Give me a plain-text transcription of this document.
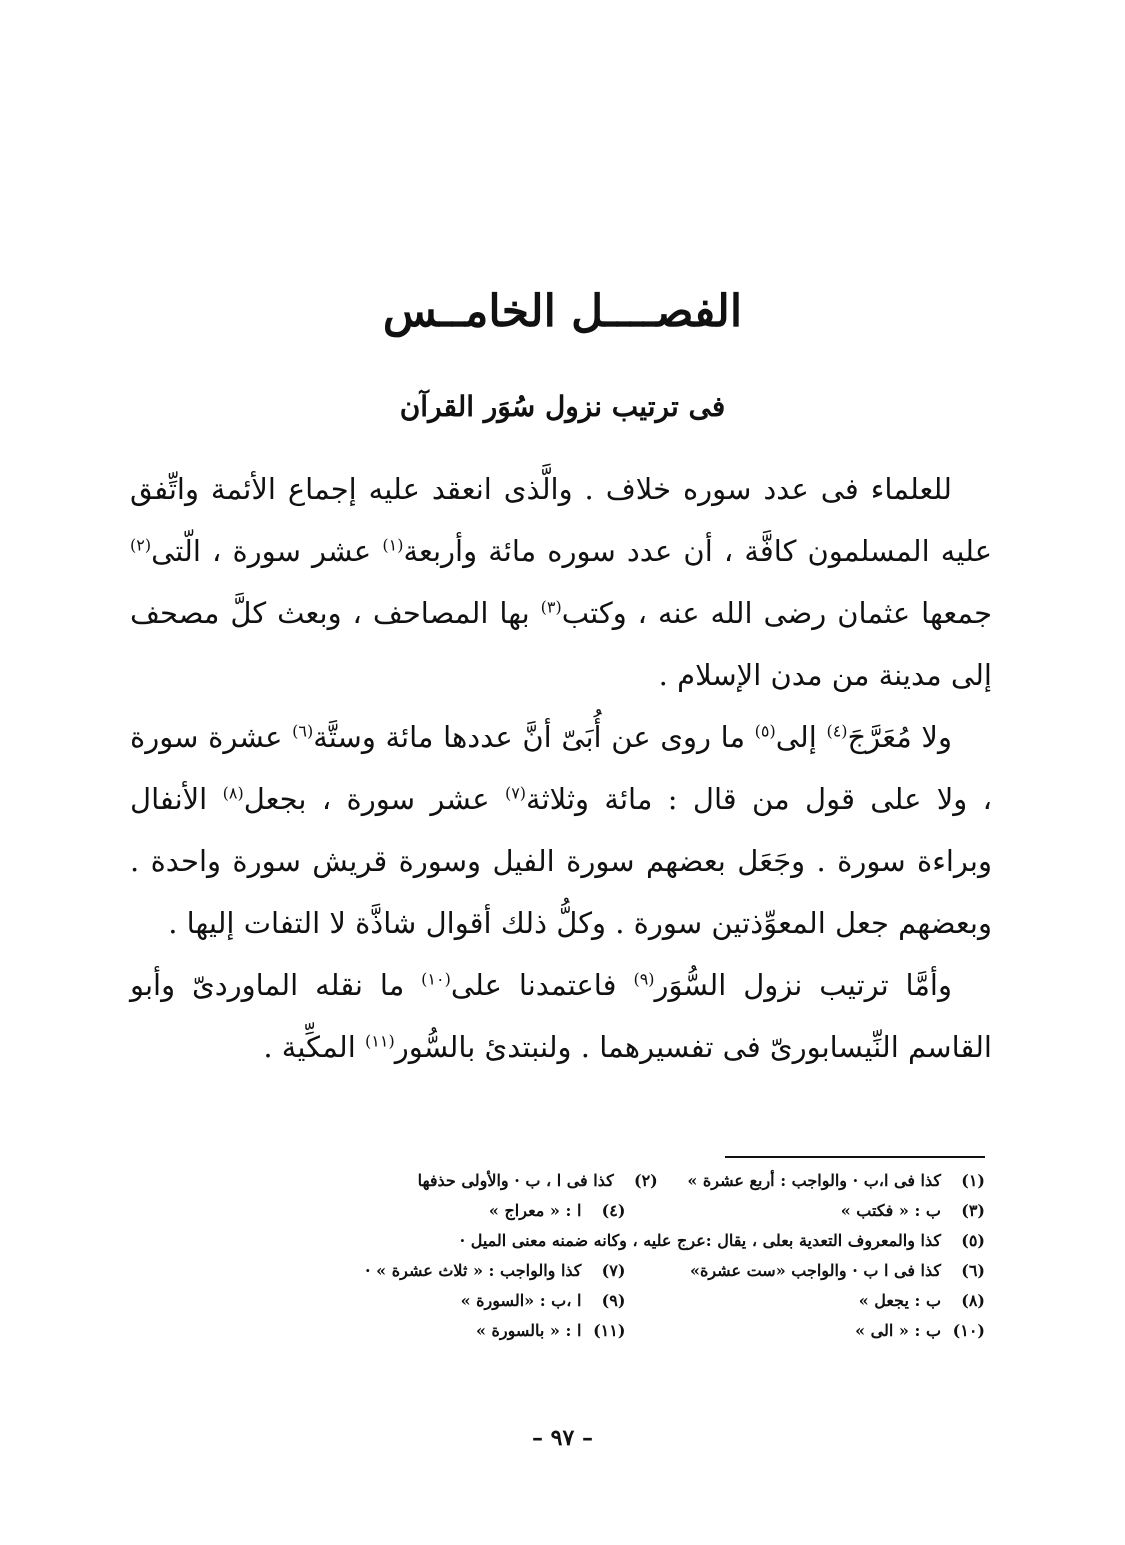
الفصــــل الخامــس
فى ترتيب نزول سُوَر القرآن

للعلماء فى عدد سوره خلاف . والَّذى انعقد عليه إجماع الأئمة واتِّفق عليه المسلمون كافَّة ، أن عدد سوره مائة وأربعة$^{(١)}$ عشر سورة ، الّتى$^{(٢)}$ جمعها عثمان رضى الله عنه ، وكتب$^{(٣)}$ بها المصاحف ، وبعث كلَّ مصحف إلى مدينة من مدن الإسلام .

ولا مُعَرَّجَ$^{(٤)}$ إلى$^{(٥)}$ ما روى عن أُبَىّ أنَّ عددها مائة وستَّة$^{(٦)}$ عشرة سورة ، ولا على قول من قال : مائة وثلاثة$^{(٧)}$ عشر سورة ، بجعل$^{(٨)}$ الأنفال وبراءة سورة . وجَعَل بعضهم سورة الفيل وسورة قريش سورة واحدة . وبعضهم جعل المعوِّذتين سورة . وكلُّ ذلك أقوال شاذَّة لا التفات إليها .

وأمَّا ترتيب نزول السُّوَر$^{(٩)}$ فاعتمدنا على$^{(١٠)}$ ما نقله الماوردىّ وأبو القاسم النِّيسابورىّ فى تفسيرهما . ولنبتدئ بالسُّور$^{(١١)}$ المكِّية .

(١)كذا فى ا،ب · والواجب : أربع عشرة » (٢)كذا فى ا ، ب · والأولى حذفها
(٣)ب : « فكتب » (٤)ا : « معراج »
(٥)كذا والمعروف التعدية بعلى ، يقال :عرج عليه ، وكانه ضمنه معنى الميل ·
(٦)كذا فى ا ب · والواجب «ست عشرة» (٧)كذا والواجب : « ثلاث عشرة » ·
(٨)ب : يجعل » (٩)ا ،ب : «السورة »
(١٠)ب : « الى » (١١)ا : « بالسورة »
– ٩٧ –
